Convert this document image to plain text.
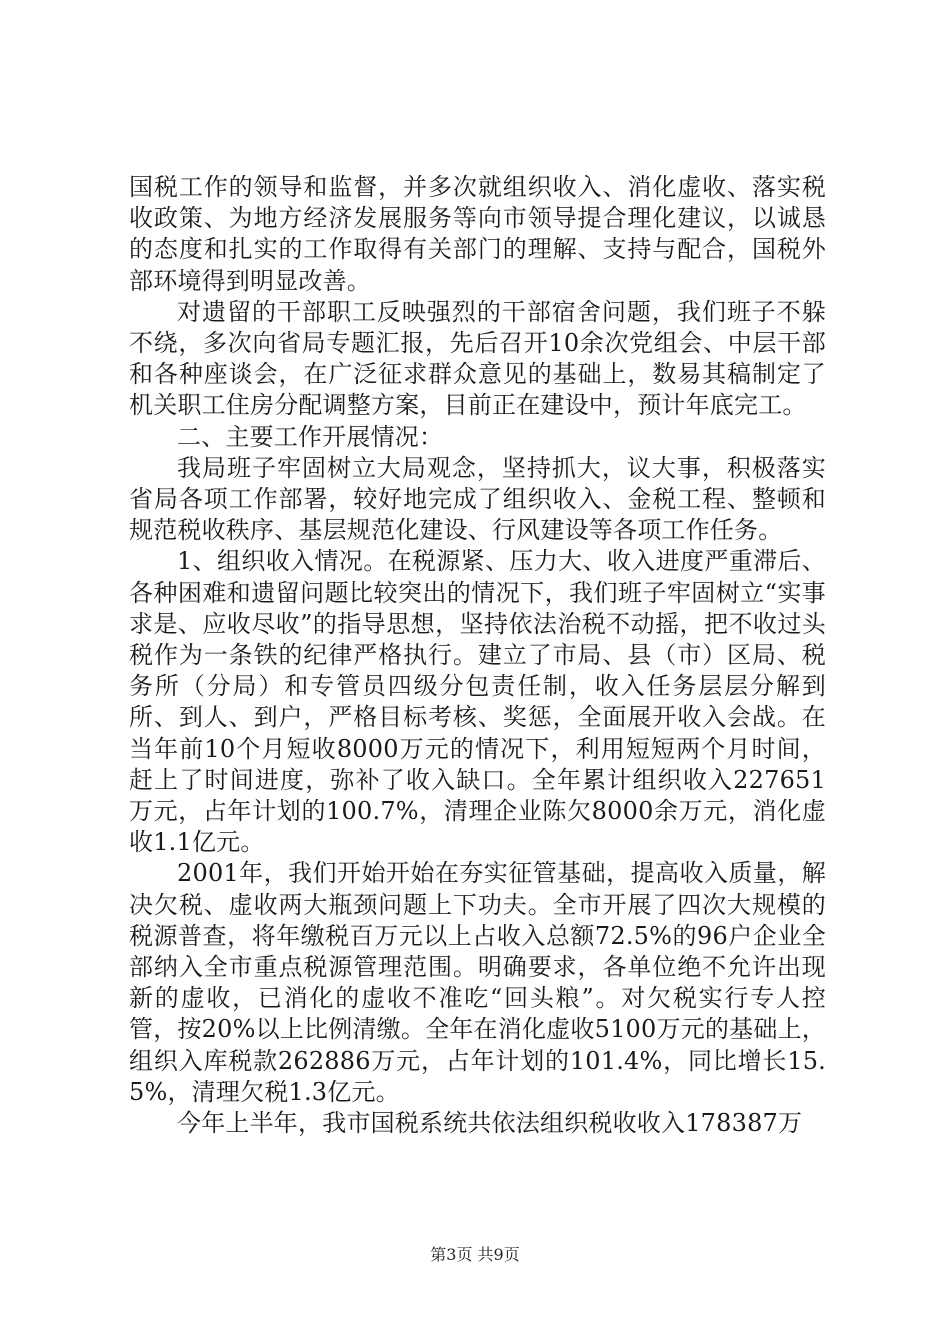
国税工作的领导和监督，并多次就组织收入、消化虚收、落实税收政策、为地方经济发展服务等向市领导提合理化建议，以诚恳的态度和扎实的工作取得有关部门的理解、支持与配合，国税外部环境得到明显改善。

对遗留的干部职工反映强烈的干部宿舍问题，我们班子不躲不绕，多次向省局专题汇报，先后召开10余次党组会、中层干部和各种座谈会，在广泛征求群众意见的基础上，数易其稿制定了机关职工住房分配调整方案，目前正在建设中，预计年底完工。

二、主要工作开展情况：

我局班子牢固树立大局观念，坚持抓大，议大事，积极落实省局各项工作部署，较好地完成了组织收入、金税工程、整顿和规范税收秩序、基层规范化建设、行风建设等各项工作任务。

1、组织收入情况。在税源紧、压力大、收入进度严重滞后、各种困难和遗留问题比较突出的情况下，我们班子牢固树立“实事求是、应收尽收”的指导思想，坚持依法治税不动摇，把不收过头税作为一条铁的纪律严格执行。建立了市局、县（市）区局、税务所（分局）和专管员四级分包责任制，收入任务层层分解到所、到人、到户，严格目标考核、奖惩，全面展开收入会战。在当年前10个月短收8000万元的情况下，利用短短两个月时间，赶上了时间进度，弥补了收入缺口。全年累计组织收入227651万元，占年计划的100.7%，清理企业陈欠8000余万元，消化虚收1.1亿元。

2001年，我们开始开始在夯实征管基础，提高收入质量，解决欠税、虚收两大瓶颈问题上下功夫。全市开展了四次大规模的税源普查，将年缴税百万元以上占收入总额72.5%的96户企业全部纳入全市重点税源管理范围。明确要求，各单位绝不允许出现新的虚收，已消化的虚收不准吃“回头粮”。对欠税实行专人控管，按20%以上比例清缴。全年在消化虚收5100万元的基础上，组织入库税款262886万元，占年计划的101.4%，同比增长15.5%，清理欠税1.3亿元。

今年上半年，我市国税系统共依法组织税收收入178387万

第3页 共9页
